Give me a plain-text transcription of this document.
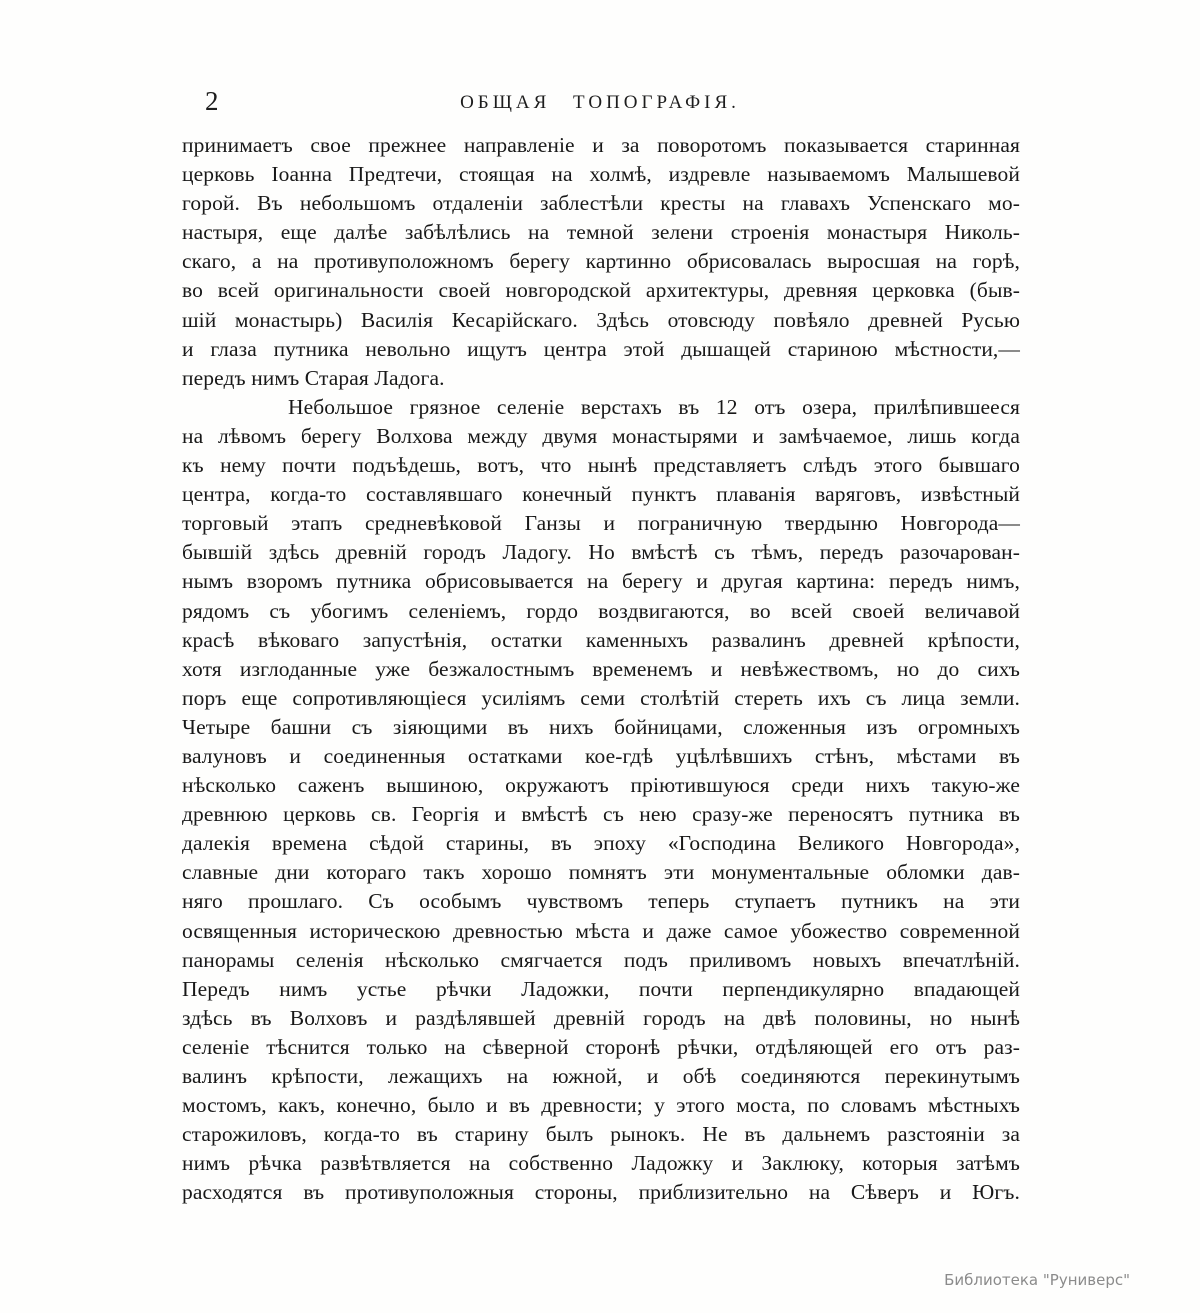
2	ОБЩАЯ ТОПОГРАФІЯ.
принимаетъ свое прежнее направленіе и за поворотомъ показывается старинная
церковь Іоанна Предтечи, стоящая на холмѣ, издревле называемомъ Малышевой
горой. Въ небольшомъ отдаленіи заблестѣли кресты на главахъ Успенскаго мо-
настыря, еще далѣе забѣлѣлись на темной зелени строенія монастыря Николь-
скаго, а на противуположномъ берегу картинно обрисовалась выросшая на горѣ,
во всей оригинальности своей новгородской архитектуры, древняя церковка (быв-
шій монастырь) Василія Кесарійскаго. Здѣсь отовсюду повѣяло древней Русью
и глаза путника невольно ищутъ центра этой дышащей стариною мѣстности,—
передъ нимъ Старая Ладога.
Небольшое грязное селеніе верстахъ въ 12 отъ озера, прилѣпившееся
на лѣвомъ берегу Волхова между двумя монастырями и замѣчаемое, лишь когда
къ нему почти подъѣдешь, вотъ, что нынѣ представляетъ слѣдъ этого бывшаго
центра, когда-то составлявшаго конечный пунктъ плаванія варяговъ, извѣстный
торговый этапъ средневѣковой Ганзы и пограничную твердыню Новгорода—
бывшій здѣсь древній городъ Ладогу. Но вмѣстѣ съ тѣмъ, передъ разочарован-
нымъ взоромъ путника обрисовывается на берегу и другая картина: передъ нимъ,
рядомъ съ убогимъ селеніемъ, гордо воздвигаются, во всей своей величавой
красѣ вѣковаго запустѣнія, остатки каменныхъ развалинъ древней крѣпости,
хотя изглоданные уже безжалостнымъ временемъ и невѣжествомъ, но до сихъ
поръ еще сопротивляющіеся усиліямъ семи столѣтій стереть ихъ съ лица земли.
Четыре башни съ зіяющими въ нихъ бойницами, сложенныя изъ огромныхъ
валуновъ и соединенныя остатками кое-гдѣ уцѣлѣвшихъ стѣнъ, мѣстами въ
нѣсколько саженъ вышиною, окружаютъ пріютившуюся среди нихъ такую-же
древнюю церковь св. Георгія и вмѣстѣ съ нею сразу-же переносятъ путника въ
далекія времена сѣдой старины, въ эпоху «Господина Великого Новгорода»,
славные дни котораго такъ хорошо помнятъ эти монументальные обломки дав-
няго прошлаго. Съ особымъ чувствомъ теперь ступаетъ путникъ на эти
освященныя историческою древностью мѣста и даже самое убожество современной
панорамы селенія нѣсколько смягчается подъ приливомъ новыхъ впечатлѣній.
Передъ нимъ устье рѣчки Ладожки, почти перпендикулярно впадающей
здѣсь въ Волховъ и раздѣлявшей древній городъ на двѣ половины, но нынѣ
селеніе тѣснится только на сѣверной сторонѣ рѣчки, отдѣляющей его отъ раз-
валинъ крѣпости, лежащихъ на южной, и обѣ соединяются перекинутымъ
мостомъ, какъ, конечно, было и въ древности; у этого моста, по словамъ мѣстныхъ
старожиловъ, когда-то въ старину былъ рынокъ. Не въ дальнемъ разстояніи за
нимъ рѣчка развѣтвляется на собственно Ладожку и Заклюку, которыя затѣмъ
расходятся въ противуположныя стороны, приблизительно на Сѣверъ и Югъ.
Библиотека "Руниверс"
